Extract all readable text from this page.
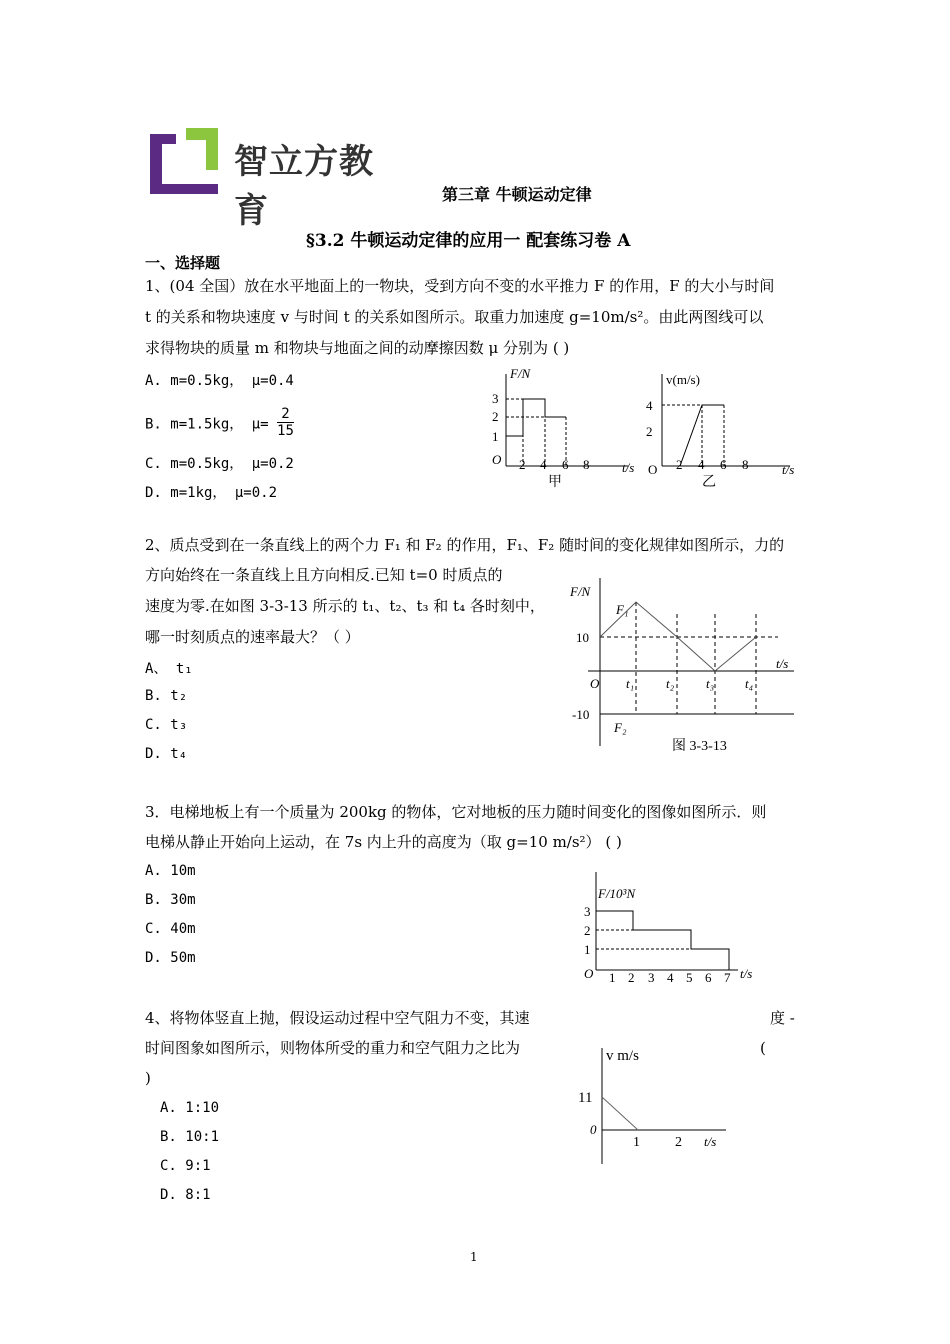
智立方教育	第三章 牛顿运动定律
§3.2 牛顿运动定律的应用一 配套练习卷 A
一、选择题
1、(04 全国）放在水平地面上的一物块，受到方向不变的水平推力 F 的作用，F 的大小与时间
t 的关系和物块速度 v 与时间 t 的关系如图所示。取重力加速度 g=10m/s²。由此两图线可以
求得物块的质量 m 和物块与地面之间的动摩擦因数 μ 分别为 ( )
A. m=0.5kg， μ=0.4
B. m=1.5kg， $\mu= \frac{2}{15}$
C. m=0.5kg， μ=0.2
D. m=1kg， μ=0.2
F/N
O
t/s
2 4 6 8
1
2
3
甲
v(m/s)
O	t/s
2 4 6 8
2
4
乙
2、质点受到在一条直线上的两个力 F₁ 和 F₂ 的作用，F₁、F₂ 随时间的变化规律如图所示，力的
方向始终在一条直线上且方向相反.已知 t=0 时质点的
速度为零.在如图 3-3-13 所示的 t₁、t₂、t₃ 和 t₄ 各时刻中，
哪一时刻质点的速率最大？（ ）
A、 t₁
B. t₂
C. t₃
D. t₄
F/N
t/s
O
10
-10
F₁
F₂
t₁ t₂ t₃ t₄
图 3-3-13
3．电梯地板上有一个质量为 200kg 的物体，它对地板的压力随时间变化的图像如图所示．则
电梯从静止开始向上运动，在 7s 内上升的高度为（取 g=10 m/s²） ( )
A. 10m
B. 30m
C. 40m
D. 50m
F/10³N
t/s
O
1
2
3
1 2 3 4 5 6 7
4、将物体竖直上抛，假设运动过程中空气阻力不变，其速	度 -
时间图象如图所示，则物体所受的重力和空气阻力之比为	(
)
A. 1:10
B. 10:1
C. 9:1
D. 8:1
v m/s
t/s
0
11
1	2
1
